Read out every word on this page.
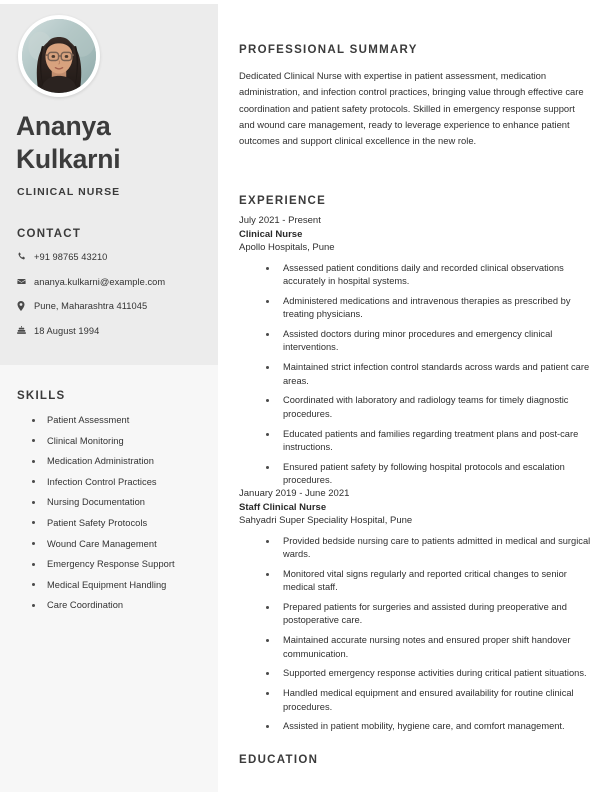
Ananya Kulkarni
CLINICAL NURSE
CONTACT
+91 98765 43210
ananya.kulkarni@example.com
Pune, Maharashtra 411045
18 August 1994
SKILLS
Patient Assessment
Clinical Monitoring
Medication Administration
Infection Control Practices
Nursing Documentation
Patient Safety Protocols
Wound Care Management
Emergency Response Support
Medical Equipment Handling
Care Coordination
PROFESSIONAL SUMMARY

Dedicated Clinical Nurse with expertise in patient assessment, medication administration, and infection control practices, bringing value through effective care coordination and patient safety protocols. Skilled in emergency response support and wound care management, ready to leverage experience to enhance patient outcomes and support clinical excellence in the new role.

EXPERIENCE
July 2021 - Present
Clinical Nurse
Apollo Hospitals, Pune
Assessed patient conditions daily and recorded clinical observations accurately in hospital systems.
Administered medications and intravenous therapies as prescribed by treating physicians.
Assisted doctors during minor procedures and emergency clinical interventions.
Maintained strict infection control standards across wards and patient care areas.
Coordinated with laboratory and radiology teams for timely diagnostic procedures.
Educated patients and families regarding treatment plans and post-care instructions.
Ensured patient safety by following hospital protocols and escalation procedures.
January 2019 - June 2021
Staff Clinical Nurse
Sahyadri Super Speciality Hospital, Pune
Provided bedside nursing care to patients admitted in medical and surgical wards.
Monitored vital signs regularly and reported critical changes to senior medical staff.
Prepared patients for surgeries and assisted during preoperative and postoperative care.
Maintained accurate nursing notes and ensured proper shift handover communication.
Supported emergency response activities during critical patient situations.
Handled medical equipment and ensured availability for routine clinical procedures.
Assisted in patient mobility, hygiene care, and comfort management.
EDUCATION
